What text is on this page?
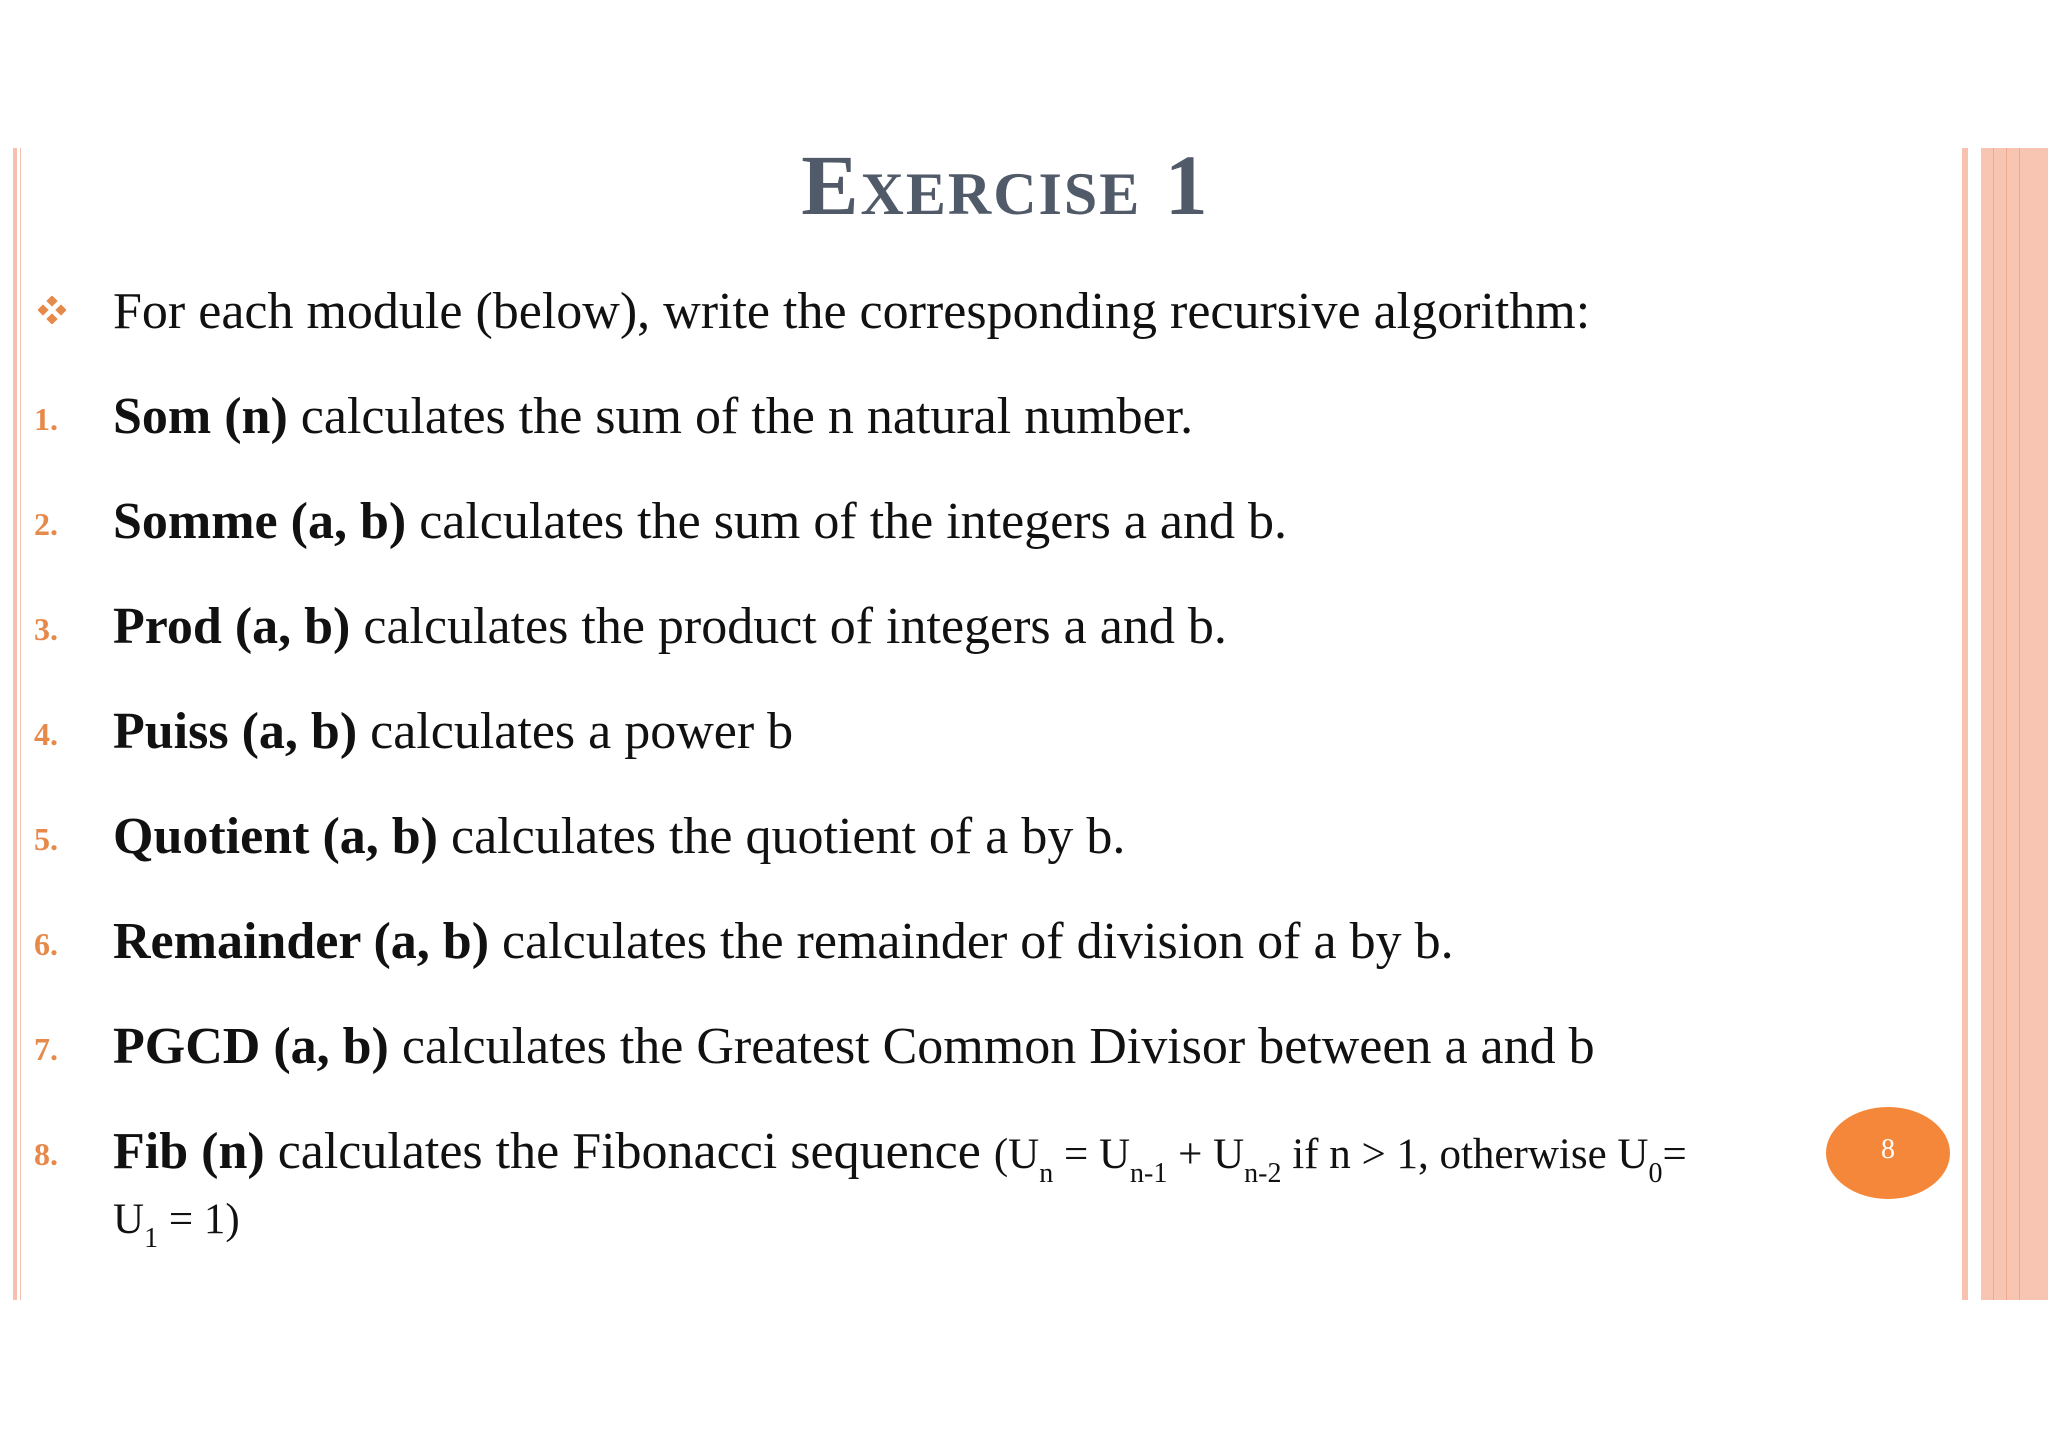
Exercise 1
For each module (below), write the corresponding recursive algorithm:
1. Som (n) calculates the sum of the n natural number.
2. Somme (a, b) calculates the sum of the integers a and b.
3. Prod (a, b) calculates the product of integers a and b.
4. Puiss (a, b) calculates a power b
5. Quotient (a, b) calculates the quotient of a by b.
6. Remainder (a, b) calculates the remainder of division of a by b.
7. PGCD (a, b) calculates the Greatest Common Divisor between a and b
8
8. Fib (n) calculates the Fibonacci sequence ($U_n = U_{n-1} + U_{n-2}$ if n > 1, otherwise $U_0=$
$U_1 = 1$)
